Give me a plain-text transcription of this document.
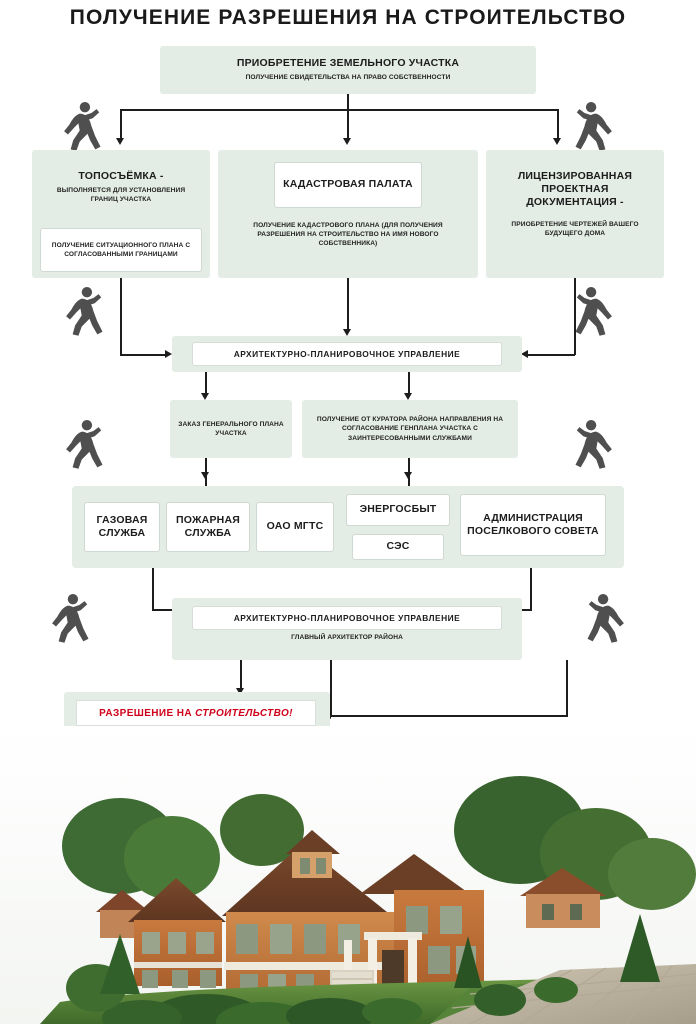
ПОЛУЧЕНИЕ РАЗРЕШЕНИЯ НА СТРОИТЕЛЬСТВО
ПРИОБРЕТЕНИЕ ЗЕМЕЛЬНОГО УЧАСТКА
ПОЛУЧЕНИЕ СВИДЕТЕЛЬСТВА НА ПРАВО СОБСТВЕННОСТИ
ТОПОСЪЁМКА -
ВЫПОЛНЯЕТСЯ ДЛЯ УСТАНОВЛЕНИЯ ГРАНИЦ УЧАСТКА
ПОЛУЧЕНИЕ СИТУАЦИОННОГО ПЛАНА С СОГЛАСОВАННЫМИ ГРАНИЦАМИ
ПОЛУЧЕНИЕ КАДАСТРОВОГО ПЛАНА (ДЛЯ ПОЛУЧЕНИЯ РАЗРЕШЕНИЯ НА СТРОИТЕЛЬСТВО НА ИМЯ НОВОГО СОБСТВЕННИКА)
КАДАСТРОВАЯ ПАЛАТА
ЛИЦЕНЗИРОВАННАЯ ПРОЕКТНАЯ ДОКУМЕНТАЦИЯ -
ПРИОБРЕТЕНИЕ ЧЕРТЕЖЕЙ ВАШЕГО БУДУЩЕГО ДОМА
АРХИТЕКТУРНО-ПЛАНИРОВОЧНОЕ УПРАВЛЕНИЕ
ЗАКАЗ ГЕНЕРАЛЬНОГО ПЛАНА УЧАСТКА
ПОЛУЧЕНИЕ ОТ КУРАТОРА РАЙОНА НАПРАВЛЕНИЯ НА СОГЛАСОВАНИЕ ГЕНПЛАНА УЧАСТКА С ЗАИНТЕРЕСОВАННЫМИ СЛУЖБАМИ
ГАЗОВАЯ СЛУЖБА
ПОЖАРНАЯ СЛУЖБА
ОАО МГТС
ЭНЕРГОСБЫТ
СЭС
АДМИНИСТРАЦИЯ ПОСЕЛКОВОГО СОВЕТА
АРХИТЕКТУРНО-ПЛАНИРОВОЧНОЕ УПРАВЛЕНИЕ
ГЛАВНЫЙ АРХИТЕКТОР РАЙОНА
РАЗРЕШЕНИЕ НА СТРОИТЕЛЬСТВО!
